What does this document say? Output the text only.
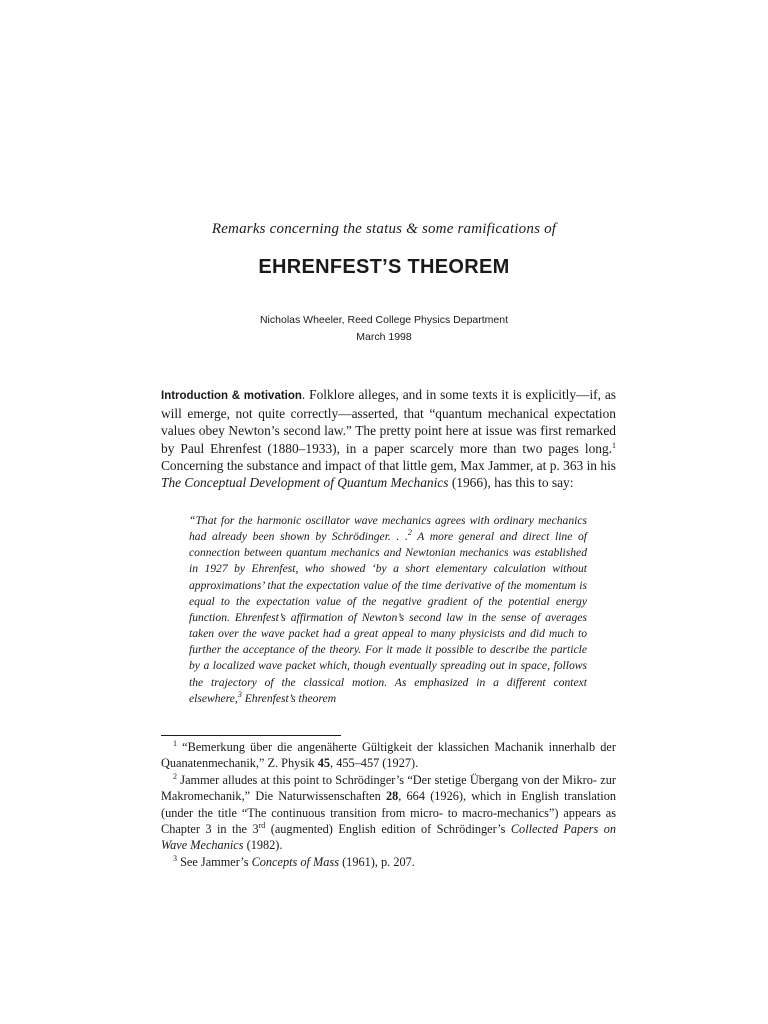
Remarks concerning the status & some ramifications of
EHRENFEST’S THEOREM
Nicholas Wheeler, Reed College Physics Department
March 1998
Introduction & motivation. Folklore alleges, and in some texts it is explicitly—if, as will emerge, not quite correctly—asserted, that “quantum mechanical expectation values obey Newton’s second law.” The pretty point here at issue was first remarked by Paul Ehrenfest (1880–1933), in a paper scarcely more than two pages long.$^1$ Concerning the substance and impact of that little gem, Max Jammer, at p. 363 in his The Conceptual Development of Quantum Mechanics (1966), has this to say:
“That for the harmonic oscillator wave mechanics agrees with ordinary mechanics had already been shown by Schrödinger. . .$^2$ A more general and direct line of connection between quantum mechanics and Newtonian mechanics was established in 1927 by Ehrenfest, who showed ‘by a short elementary calculation without approximations’ that the expectation value of the time derivative of the momentum is equal to the expectation value of the negative gradient of the potential energy function. Ehrenfest’s affirmation of Newton’s second law in the sense of averages taken over the wave packet had a great appeal to many physicists and did much to further the acceptance of the theory. For it made it possible to describe the particle by a localized wave packet which, though eventually spreading out in space, follows the trajectory of the classical motion. As emphasized in a different context elsewhere,$^3$ Ehrenfest’s theorem

$^1$ “Bemerkung über die angenäherte Gültigkeit der klassichen Machanik innerhalb der Quanatenmechanik,” Z. Physik 45, 455–457 (1927).

$^2$ Jammer alludes at this point to Schrödinger’s “Der stetige Übergang von der Mikro- zur Makromechanik,” Die Naturwissenschaften 28, 664 (1926), which in English translation (under the title “The continuous transition from micro- to macro-mechanics”) appears as Chapter 3 in the 3rd (augmented) English edition of Schrödinger’s Collected Papers on Wave Mechanics (1982).

$^3$ See Jammer’s Concepts of Mass (1961), p. 207.
